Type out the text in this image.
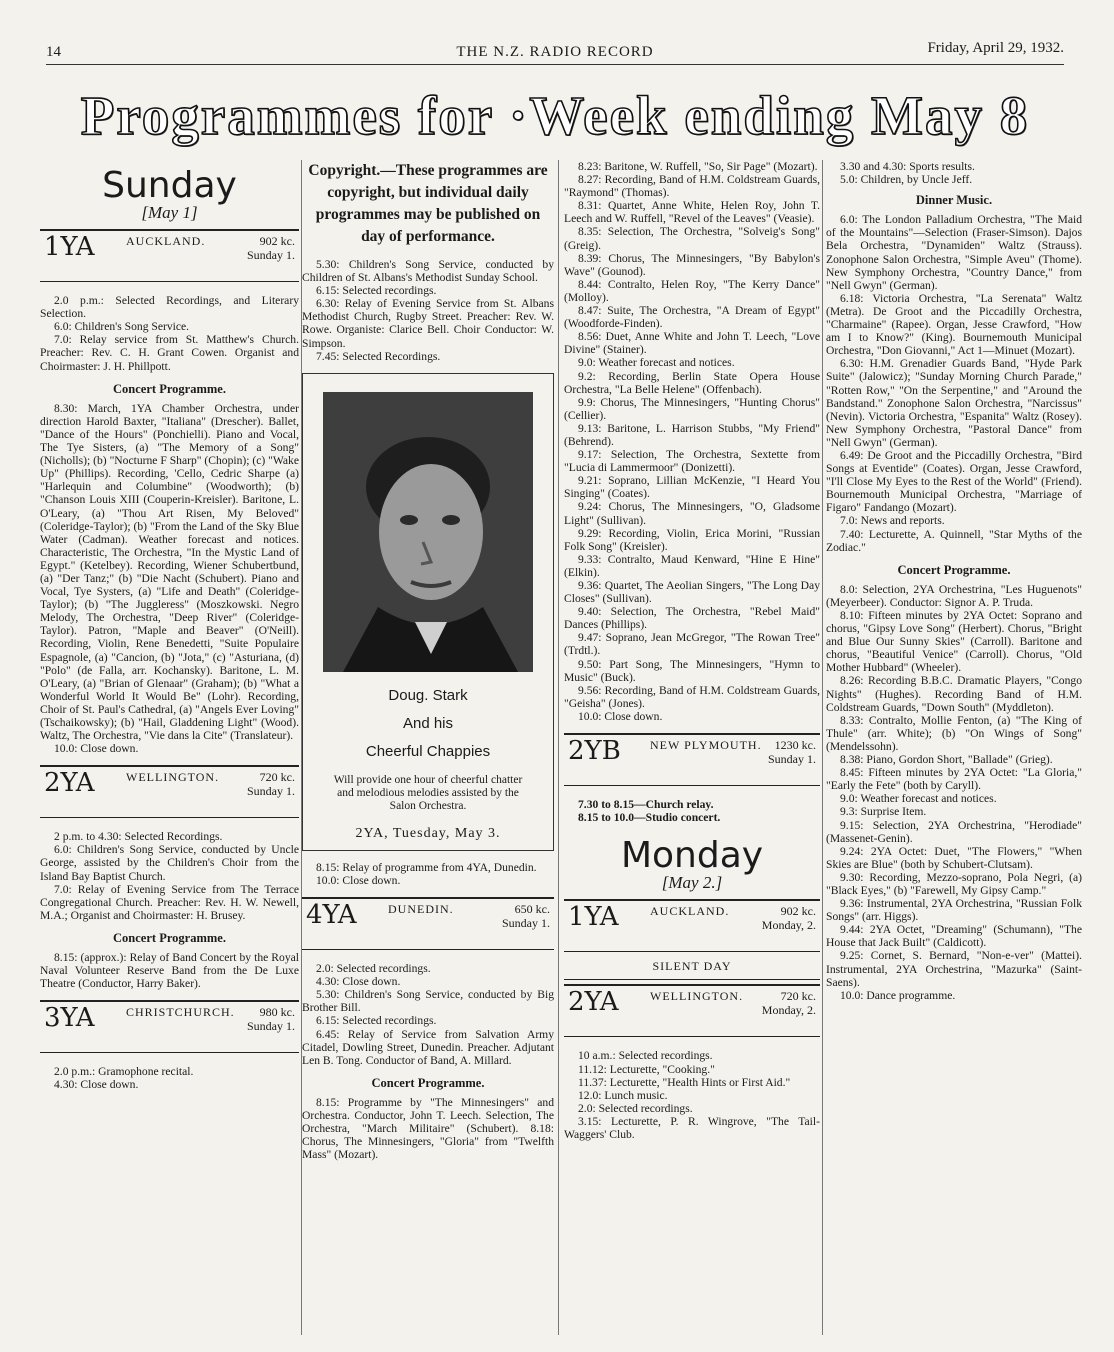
14	THE N.Z. RADIO RECORD	Friday, April 29, 1932.
Programmes for ·Week ending May 8
Sunday
[May 1]
1YA	AUCKLAND.	902 kc.
Sunday 1.

2.0 p.m.: Selected Recordings, and Literary Selection.

6.0: Children's Song Service.

7.0: Relay service from St. Matthew's Church. Preacher: Rev. C. H. Grant Cowen. Organist and Choirmaster: J. H. Phillpott.

Concert Programme.

8.30: March, 1YA Chamber Orchestra, under direction Harold Baxter, "Italiana" (Drescher). Ballet, "Dance of the Hours" (Ponchielli). Piano and Vocal, The Tye Sisters, (a) "The Memory of a Song" (Nicholls); (b) "Nocturne F Sharp" (Chopin); (c) "Wake Up" (Phillips). Recording, 'Cello, Cedric Sharpe (a) "Harlequin and Columbine" (Woodworth); (b) "Chanson Louis XIII (Couperin-Kreisler). Baritone, L. O'Leary, (a) "Thou Art Risen, My Beloved" (Coleridge-Taylor); (b) "From the Land of the Sky Blue Water (Cadman). Weather forecast and notices. Characteristic, The Orchestra, "In the Mystic Land of Egypt." (Ketelbey). Recording, Wiener Schubertbund, (a) "Der Tanz;" (b) "Die Nacht (Schubert). Piano and Vocal, Tye Systers, (a) "Life and Death" (Coleridge-Taylor); (b) "The Juggleress" (Moszkowski. Negro Melody, The Orchestra, "Deep River" (Coleridge-Taylor). Patron, "Maple and Beaver" (O'Neill). Recording, Violin, Rene Benedetti, "Suite Populaire Espagnole, (a) "Cancion, (b) "Jota," (c) "Asturiana, (d) "Polo" (de Falla, arr. Kochansky). Baritone, L. M. O'Leary, (a) "Brian of Glenaar" (Graham); (b) "What a Wonderful World It Would Be" (Lohr). Recording, Choir of St. Paul's Cathedral, (a) "Angels Ever Loving" (Tschaikowsky); (b) "Hail, Gladdening Light" (Wood). Waltz, The Orchestra, "Vie dans la Cite" (Translateur).

10.0: Close down.

2YA	WELLINGTON.	720 kc.
Sunday 1.

2 p.m. to 4.30: Selected Recordings.

6.0: Children's Song Service, conducted by Uncle George, assisted by the Children's Choir from the Island Bay Baptist Church.

7.0: Relay of Evening Service from The Terrace Congregational Church. Preacher: Rev. H. W. Newell, M.A.; Organist and Choirmaster: H. Brusey.

Concert Programme.

8.15: (approx.): Relay of Band Concert by the Royal Naval Volunteer Reserve Band from the De Luxe Theatre (Conductor, Harry Baker).

3YA	CHRISTCHURCH. 980 kc.
Sunday 1.

2.0 p.m.: Gramophone recital.

4.30: Close down.

Copyright.—These programmes are copyright, but individual daily programmes may be published on day of performance.

5.30: Children's Song Service, conducted by Children of St. Albans's Methodist Sunday School.

6.15: Selected recordings.

6.30: Relay of Evening Service from St. Albans Methodist Church, Rugby Street. Preacher: Rev. W. Rowe. Organiste: Clarice Bell. Choir Conductor: W. Simpson.

7.45: Selected Recordings.

Doug. Stark
And his
Cheerful Chappies
Will provide one hour of cheerful chatter and melodious melodies assisted by the Salon Orchestra.
2YA, Tuesday, May 3.

8.15: Relay of programme from 4YA, Dunedin.

10.0: Close down.

4YA	DUNEDIN.	650 kc.
Sunday 1.

2.0: Selected recordings.

4.30: Close down.

5.30: Children's Song Service, conducted by Big Brother Bill.

6.15: Selected recordings.

6.45: Relay of Service from Salvation Army Citadel, Dowling Street, Dunedin. Preacher. Adjutant Len B. Tong. Conductor of Band, A. Millard.

Concert Programme.

8.15: Programme by "The Minnesingers" and Orchestra. Conductor, John T. Leech. Selection, The Orchestra, "March Militaire" (Schubert). 8.18: Chorus, The Minnesingers, "Gloria" from "Twelfth Mass" (Mozart).

8.23: Baritone, W. Ruffell, "So, Sir Page" (Mozart).

8.27: Recording, Band of H.M. Coldstream Guards, "Raymond" (Thomas).

8.31: Quartet, Anne White, Helen Roy, John T. Leech and W. Ruffell, "Revel of the Leaves" (Veasie).

8.35: Selection, The Orchestra, "Solveig's Song" (Greig).

8.39: Chorus, The Minnesingers, "By Babylon's Wave" (Gounod).

8.44: Contralto, Helen Roy, "The Kerry Dance" (Molloy).

8.47: Suite, The Orchestra, "A Dream of Egypt" (Woodforde-Finden).

8.56: Duet, Anne White and John T. Leech, "Love Divine" (Stainer).

9.0: Weather forecast and notices.

9.2: Recording, Berlin State Opera House Orchestra, "La Belle Helene" (Offenbach).

9.9: Chorus, The Minnesingers, "Hunting Chorus" (Cellier).

9.13: Baritone, L. Harrison Stubbs, "My Friend" (Behrend).

9.17: Selection, The Orchestra, Sextette from "Lucia di Lammermoor" (Donizetti).

9.21: Soprano, Lillian McKenzie, "I Heard You Singing" (Coates).

9.24: Chorus, The Minnesingers, "O, Gladsome Light" (Sullivan).

9.29: Recording, Violin, Erica Morini, "Russian Folk Song" (Kreisler).

9.33: Contralto, Maud Kenward, "Hine E Hine" (Elkin).

9.36: Quartet, The Aeolian Singers, "The Long Day Closes" (Sullivan).

9.40: Selection, The Orchestra, "Rebel Maid" Dances (Phillips).

9.47: Soprano, Jean McGregor, "The Rowan Tree" (Trdtl.).

9.50: Part Song, The Minnesingers, "Hymn to Music" (Buck).

9.56: Recording, Band of H.M. Coldstream Guards, "Geisha" (Jones).

10.0: Close down.

2YB NEW PLYMOUTH. 1230 kc.
Sunday 1.

7.30 to 8.15—Church relay.

8.15 to 10.0—Studio concert.

Monday
[May 2.]
1YA	AUCKLAND.	902 kc.
Monday, 2.
SILENT DAY
2YA	WELLINGTON.	720 kc.
Monday, 2.

10 a.m.: Selected recordings.

11.12: Lecturette, "Cooking."

11.37: Lecturette, "Health Hints or First Aid."

12.0: Lunch music.

2.0: Selected recordings.

3.15: Lecturette, P. R. Wingrove, "The Tail-Waggers' Club.

3.30 and 4.30: Sports results.

5.0: Children, by Uncle Jeff.

Dinner Music.

6.0: The London Palladium Orchestra, "The Maid of the Mountains"—Selection (Fraser-Simson). Dajos Bela Orchestra, "Dynamiden" Waltz (Strauss). Zonophone Salon Orchestra, "Simple Aveu" (Thome). New Symphony Orchestra, "Country Dance," from "Nell Gwyn" (German).

6.18: Victoria Orchestra, "La Serenata" Waltz (Metra). De Groot and the Piccadilly Orchestra, "Charmaine" (Rapee). Organ, Jesse Crawford, "How am I to Know?" (King). Bournemouth Municipal Orchestra, "Don Giovanni," Act 1—Minuet (Mozart).

6.30: H.M. Grenadier Guards Band, "Hyde Park Suite" (Jalowicz); "Sunday Morning Church Parade," "Rotten Row," "On the Serpentine," and "Around the Bandstand." Zonophone Salon Orchestra, "Narcissus" (Nevin). Victoria Orchestra, "Espanita" Waltz (Rosey). New Symphony Orchestra, "Pastoral Dance" from "Nell Gwyn" (German).

6.49: De Groot and the Piccadilly Orchestra, "Bird Songs at Eventide" (Coates). Organ, Jesse Crawford, "I'll Close My Eyes to the Rest of the World" (Friend). Bournemouth Municipal Orchestra, "Marriage of Figaro" Fandango (Mozart).

7.0: News and reports.

7.40: Lecturette, A. Quinnell, "Star Myths of the Zodiac."

Concert Programme.

8.0: Selection, 2YA Orchestrina, "Les Huguenots" (Meyerbeer). Conductor: Signor A. P. Truda.

8.10: Fifteen minutes by 2YA Octet: Soprano and chorus, "Gipsy Love Song" (Herbert). Chorus, "Bright and Blue Our Sunny Skies" (Carroll). Baritone and chorus, "Beautiful Venice" (Carroll). Chorus, "Old Mother Hubbard" (Wheeler).

8.26: Recording B.B.C. Dramatic Players, "Congo Nights" (Hughes). Recording Band of H.M. Coldstream Guards, "Down South" (Myddleton).

8.33: Contralto, Mollie Fenton, (a) "The King of Thule" (arr. White); (b) "On Wings of Song" (Mendelssohn).

8.38: Piano, Gordon Short, "Ballade" (Grieg).

8.45: Fifteen minutes by 2YA Octet: "La Gloria," "Early the Fete" (both by Caryll).

9.0: Weather forecast and notices.

9.3: Surprise Item.

9.15: Selection, 2YA Orchestrina, "Herodiade" (Massenet-Genin).

9.24: 2YA Octet: Duet, "The Flowers," "When Skies are Blue" (both by Schubert-Clutsam).

9.30: Recording, Mezzo-soprano, Pola Negri, (a) "Black Eyes," (b) "Farewell, My Gipsy Camp."

9.36: Instrumental, 2YA Orchestrina, "Russian Folk Songs" (arr. Higgs).

9.44: 2YA Octet, "Dreaming" (Schumann), "The House that Jack Built" (Caldicott).

9.25: Cornet, S. Bernard, "Non-e-ver" (Mattei). Instrumental, 2YA Orchestrina, "Mazurka" (Saint-Saens).

10.0: Dance programme.
